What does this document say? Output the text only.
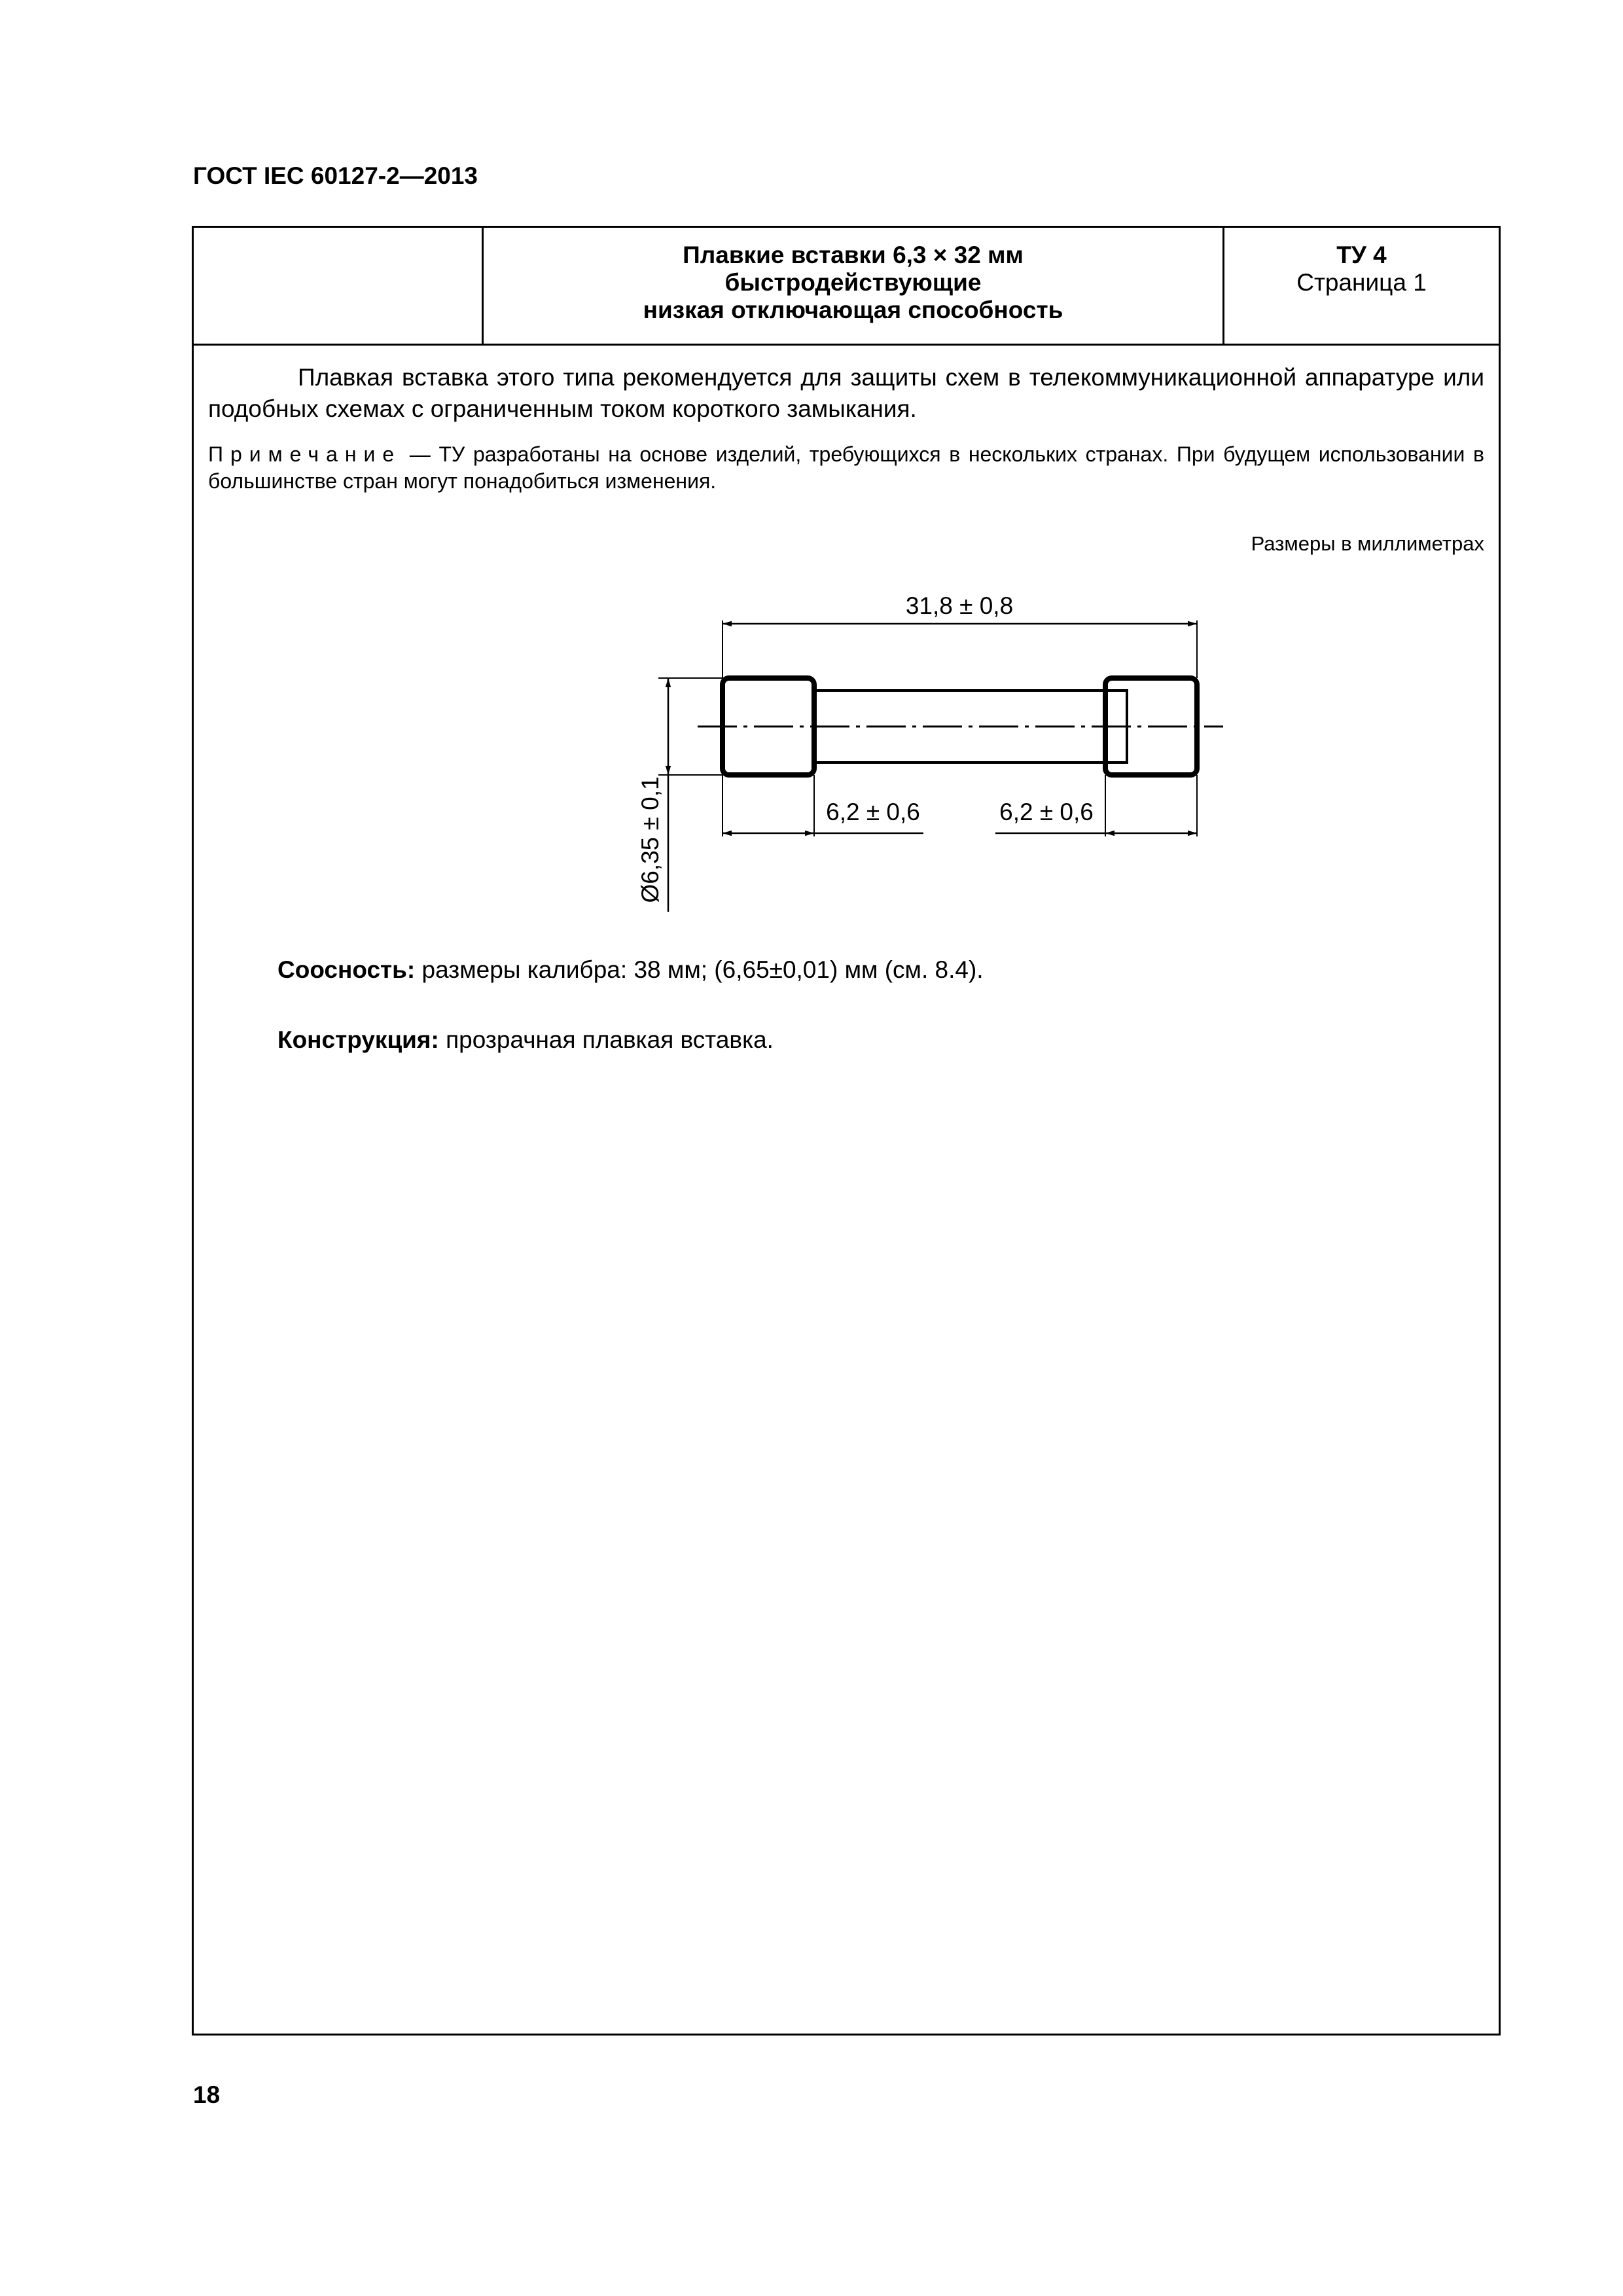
ГОСТ IEC 60127-2—2013
Плавкие вставки 6,3 × 32 мм
быстродействующие
низкая отключающая способность
ТУ 4
Страница 1
Плавкая вставка этого типа рекомендуется для защиты схем в телекоммуникационной аппаратуре или подобных схемах с ограниченным током короткого замыкания.
Примечание — ТУ разработаны на основе изделий, требующихся в нескольких странах. При будущем использовании в большинстве стран могут понадобиться изменения.
Размеры в миллиметрах
31,8 ± 0,8
6,2 ± 0,6	6,2 ± 0,6
Ø6,35 ± 0,1
Соосность: размеры калибра: 38 мм; (6,65±0,01) мм (см. 8.4).
Конструкция: прозрачная плавкая вставка.
18
